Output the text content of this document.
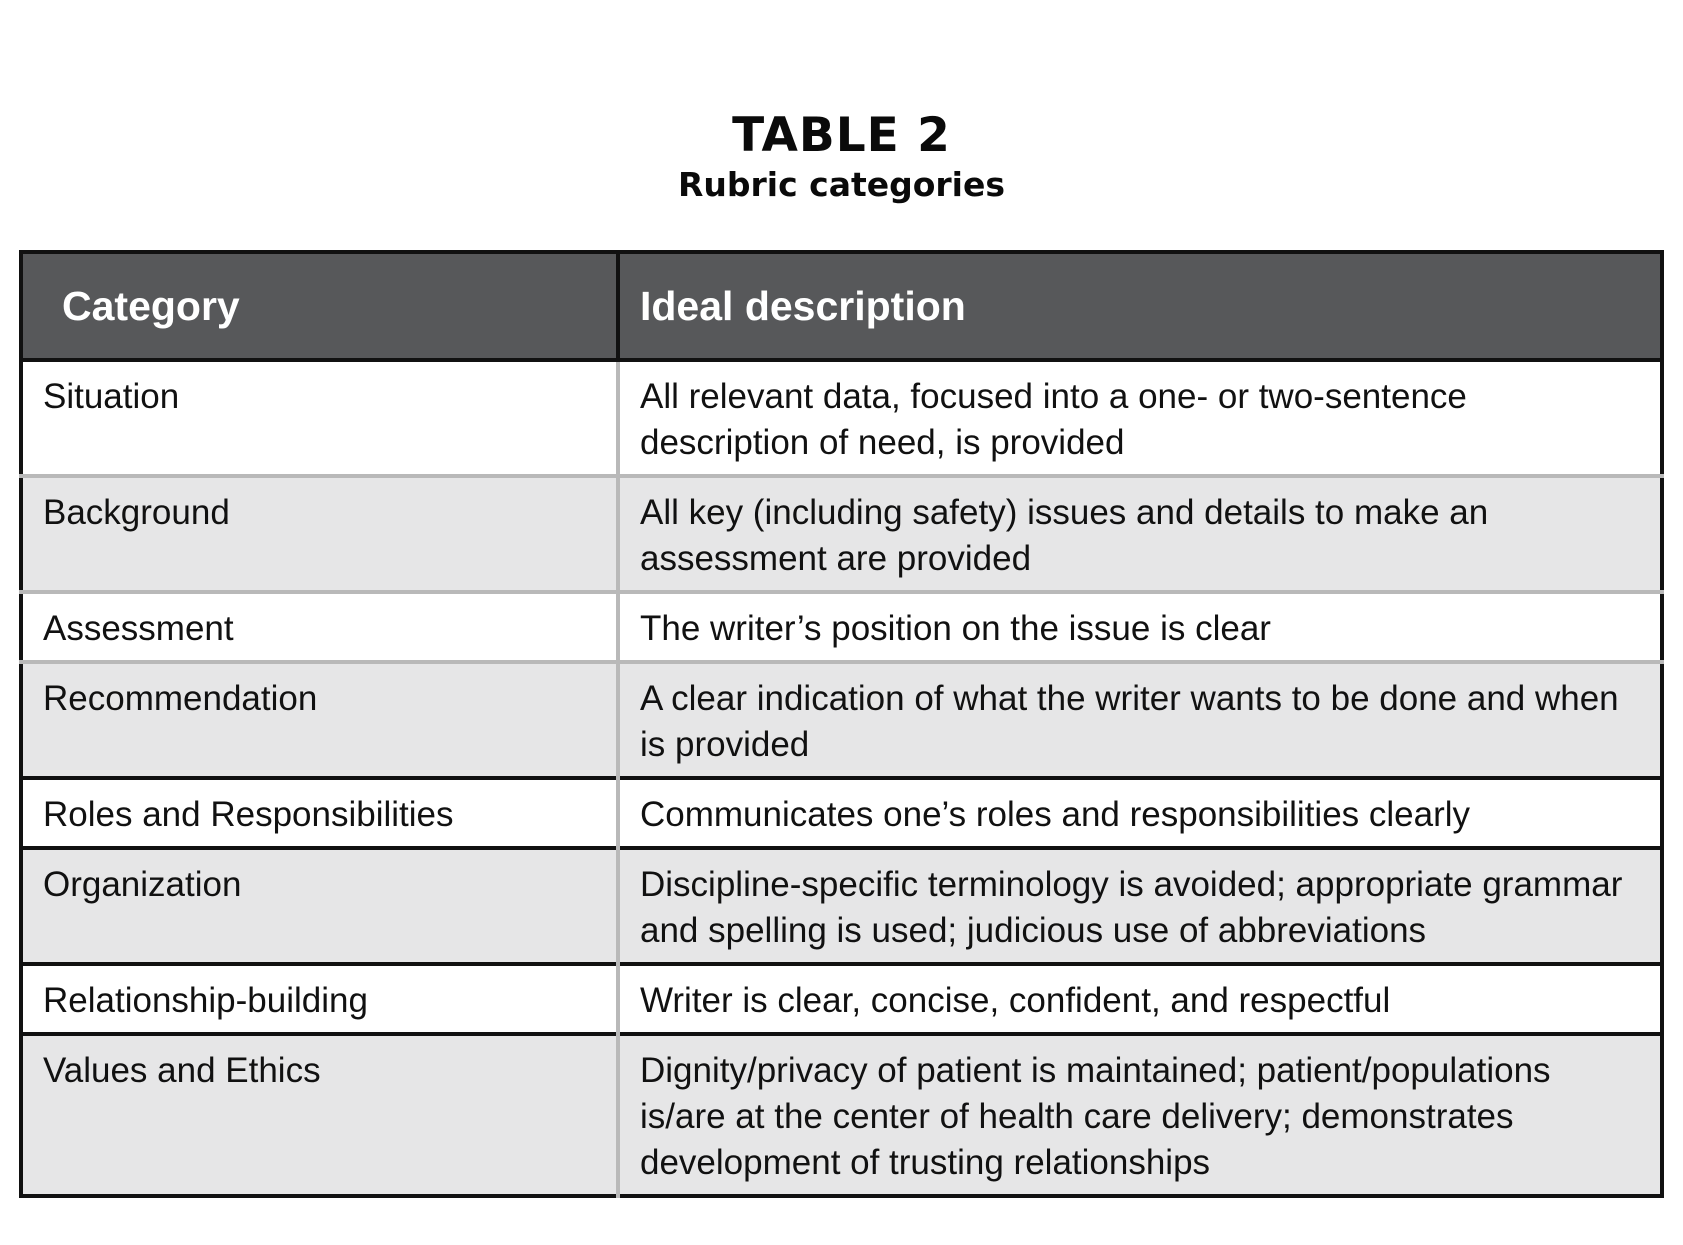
TABLE 2
Rubric categories
Category	Ideal description
Situation	All relevant data, focused into a one- or two-sentence description of need, is provided
Background	All key (including safety) issues and details to make an assessment are provided
Assessment	The writer’s position on the issue is clear
Recommendation	A clear indication of what the writer wants to be done and when is provided
Roles and Responsibilities	Communicates one’s roles and responsibilities clearly
Organization	Discipline-specific terminology is avoided; appropriate grammar and spelling is used; judicious use of abbreviations
Relationship-building	Writer is clear, concise, confident, and respectful
Values and Ethics	Dignity/privacy of patient is maintained; patient/populations is/are at the center of health care delivery; demonstrates development of trusting relationships
